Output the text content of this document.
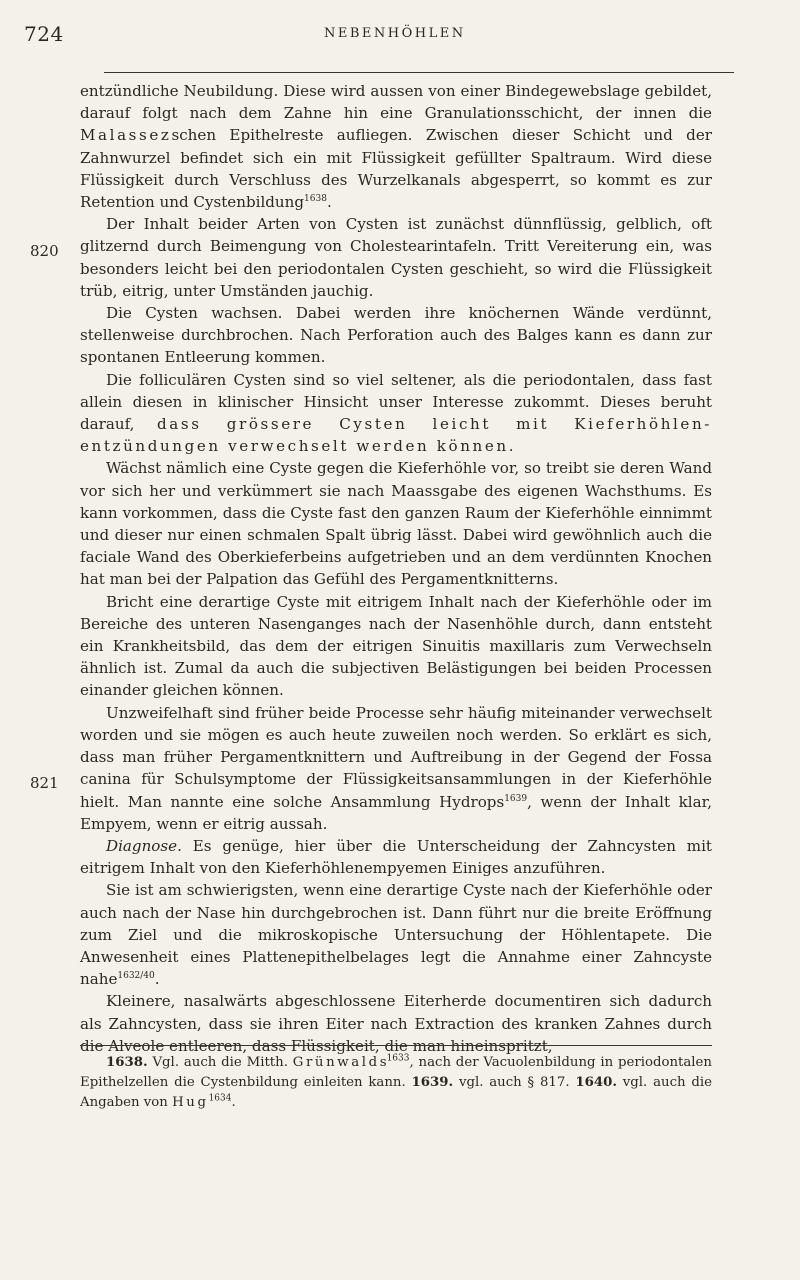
724	NEBENHÖHLEN
820
821

entzündliche Neubildung. Diese wird aussen von einer Bindegewebslage gebildet, darauf folgt nach dem Zahne hin eine Granulationsschicht, der innen die Malassezschen Epithelreste aufliegen. Zwischen dieser Schicht und der Zahnwurzel befindet sich ein mit Flüssigkeit gefüllter Spaltraum. Wird diese Flüssigkeit durch Verschluss des Wurzelkanals abgesperrt, so kommt es zur Retention und Cystenbildung$^{1638}$.

Der Inhalt beider Arten von Cysten ist zunächst dünnflüssig, gelblich, oft glitzernd durch Beimengung von Cholestearintafeln. Tritt Vereiterung ein, was besonders leicht bei den periodontalen Cysten geschieht, so wird die Flüssigkeit trüb, eitrig, unter Umständen jauchig.

Die Cysten wachsen. Dabei werden ihre knöchernen Wände verdünnt, stellenweise durchbrochen. Nach Perforation auch des Balges kann es dann zur spontanen Entleerung kommen.

Die folliculären Cysten sind so viel seltener, als die periodontalen, dass fast allein diesen in klinischer Hinsicht unser Interesse zukommt. Dieses beruht darauf, dass grössere Cysten leicht mit Kieferhöhlen-entzündungen verwechselt werden können.

Wächst nämlich eine Cyste gegen die Kieferhöhle vor, so treibt sie deren Wand vor sich her und verkümmert sie nach Maassgabe des eigenen Wachsthums. Es kann vorkommen, dass die Cyste fast den ganzen Raum der Kieferhöhle einnimmt und dieser nur einen schmalen Spalt übrig lässt. Dabei wird gewöhnlich auch die faciale Wand des Oberkieferbeins aufgetrieben und an dem verdünnten Knochen hat man bei der Palpation das Gefühl des Pergamentknitterns.

Bricht eine derartige Cyste mit eitrigem Inhalt nach der Kieferhöhle oder im Bereiche des unteren Nasenganges nach der Nasenhöhle durch, dann entsteht ein Krankheitsbild, das dem der eitrigen Sinuitis maxillaris zum Verwechseln ähnlich ist. Zumal da auch die subjectiven Belästigungen bei beiden Processen einander gleichen können.

Unzweifelhaft sind früher beide Processe sehr häufig miteinander verwechselt worden und sie mögen es auch heute zuweilen noch werden. So erklärt es sich, dass man früher Pergamentknittern und Auftreibung in der Gegend der Fossa canina für Schulsymptome der Flüssigkeitsansammlungen in der Kieferhöhle hielt. Man nannte eine solche Ansammlung Hydrops$^{1639}$, wenn der Inhalt klar, Empyem, wenn er eitrig aussah.

Diagnose. Es genüge, hier über die Unterscheidung der Zahncysten mit eitrigem Inhalt von den Kieferhöhlenempyemen Einiges anzuführen.

Sie ist am schwierigsten, wenn eine derartige Cyste nach der Kieferhöhle oder auch nach der Nase hin durchgebrochen ist. Dann führt nur die breite Eröffnung zum Ziel und die mikroskopische Untersuchung der Höhlentapete. Die Anwesenheit eines Plattenepithelbelages legt die Annahme einer Zahncyste nahe$^{1632/40}$.

Kleinere, nasalwärts abgeschlossene Eiterherde documentiren sich dadurch als Zahncysten, dass sie ihren Eiter nach Extraction des kranken Zahnes durch die Alveole entleeren, dass Flüssigkeit, die man hineinspritzt,

1638. Vgl. auch die Mitth. Grünwalds$^{1633}$, nach der Vacuolenbildung in periodontalen Epithelzellen die Cystenbildung einleiten kann. 1639. vgl. auch § 817. 1640. vgl. auch die Angaben von Hug$^{1634}$.
